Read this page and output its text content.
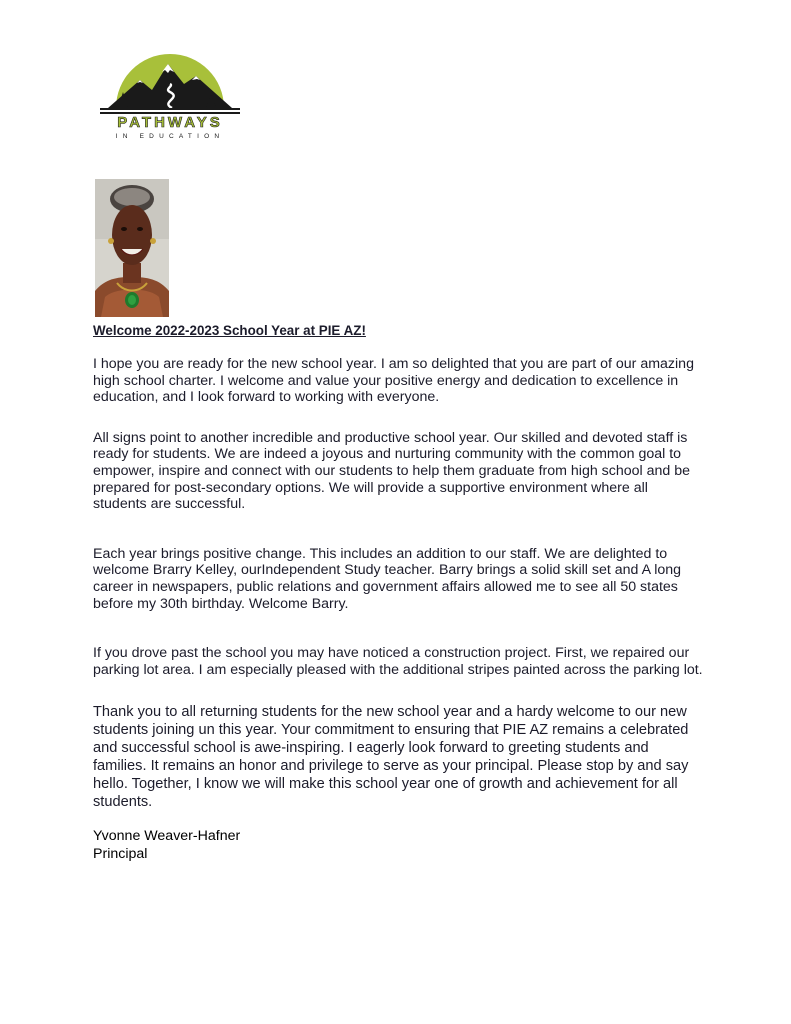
PATHWAYS
IN EDUCATION

Welcome 2022-2023 School Year at PIE AZ!

I hope you are ready for the new school year. I am so delighted that you are part of our amazing high school charter. I welcome and value your positive energy and dedication to excellence in education, and I look forward to working with everyone.

All signs point to another incredible and productive school year. Our skilled and devoted staff is ready for students. We are indeed a joyous and nurturing community with the common goal to empower, inspire and connect with our students to help them graduate from high school and be prepared for post-secondary options. We will provide a supportive environment where all students are successful.

Each year brings positive change. This includes an addition to our staff. We are delighted to welcome Brarry Kelley, ourIndependent Study teacher. Barry brings a solid skill set and A long career in newspapers, public relations and government affairs allowed me to see all 50 states before my 30th birthday. Welcome Barry.

If you drove past the school you may have noticed a construction project. First, we repaired our parking lot area. I am especially pleased with the additional stripes painted across the parking lot.

Thank you to all returning students for the new school year and a hardy welcome to our new students joining un this year. Your commitment to ensuring that PIE AZ remains a celebrated and successful school is awe-inspiring. I eagerly look forward to greeting students and families. It remains an honor and privilege to serve as your principal. Please stop by and say hello. Together, I know we will make this school year one of growth and achievement for all students.

Yvonne Weaver-Hafner

Principal
